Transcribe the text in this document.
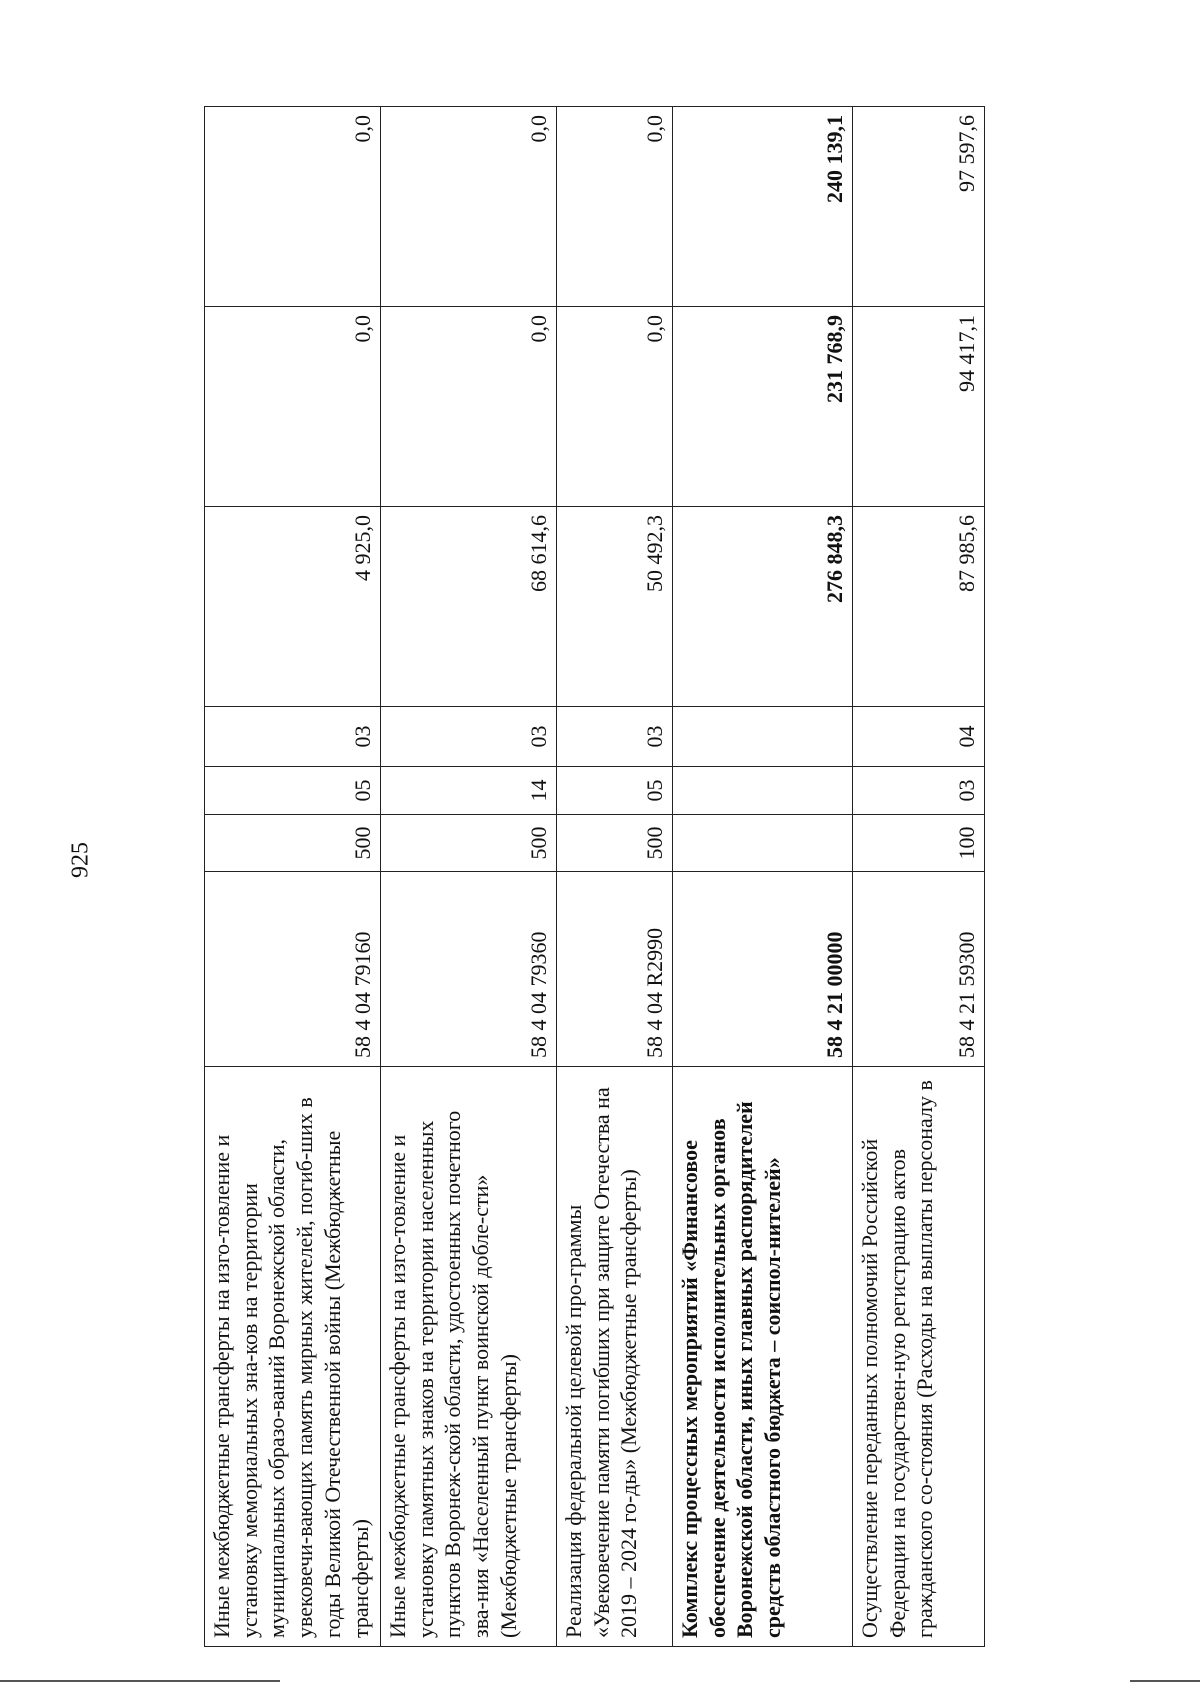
925
Иные межбюджетные трансферты на изго-товление и установку мемориальных зна-ков на территории муниципальных образо-ваний Воронежской области, увековечи-вающих память мирных жителей, погиб-ших в годы Великой Отечественной войны (Межбюджетные трансферты)	58 4 04 79160	500	05	03	4 925,0	0,0	0,0
Иные межбюджетные трансферты на изго-товление и установку памятных знаков на территории населенных пунктов Воронеж-ской области, удостоенных почетного зва-ния «Населенный пункт воинской добле-сти» (Межбюджетные трансферты)	58 4 04 79360	500	14	03	68 614,6	0,0	0,0
Реализация федеральной целевой про-граммы «Увековечение памяти погибших при защите Отечества на 2019 – 2024 го-ды» (Межбюджетные трансферты)	58 4 04 R2990	500	05	03	50 492,3	0,0	0,0
Комплекс процессных мероприятий «Финансовое обеспечение деятельности исполнительных органов Воронежской области, иных главных распорядителей средств областного бюджета – соиспол-нителей»	58 4 21 00000				276 848,3	231 768,9	240 139,1
Осуществление переданных полномочий Российской Федерации на государствен-ную регистрацию актов гражданского со-стояния (Расходы на выплаты персоналу в	58 4 21 59300	100	03	04	87 985,6	94 417,1	97 597,6
